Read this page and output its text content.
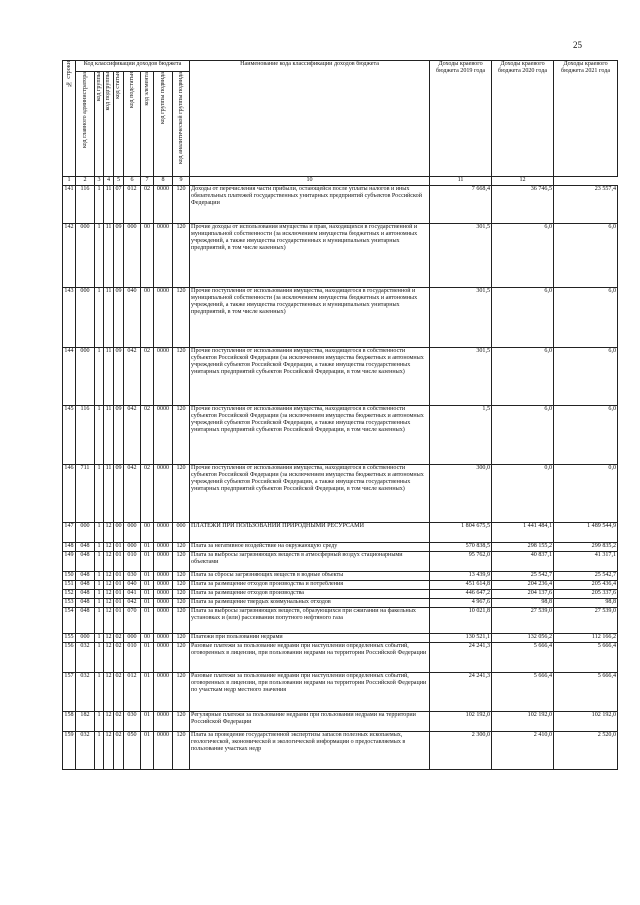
25
№ строки	Код классификации доходов бюджета								Наименование кода классификации доходов бюджета	Доходы краевого бюджета 2019 года	Доходы краевого бюджета 2020 года	Доходы краевого бюджета 2021 года
	код главного администратора	код группы	код подгруппы	код статьи	код подстатьи	код элемента	код группы подвида	код аналитической группы подвида				
1	2	3	4	5	6	7	8	9	10	11	12	
141	116	1	11	07	012	02	0000	120	Доходы от перечисления части прибыли, остающейся после уплаты налогов и иных обязательных платежей государственных унитарных предприятий субъектов Российской Федерации	7 668,4	36 746,5	23 557,4
142	000	1	11	09	000	00	0000	120	Прочие доходы от использования имущества и прав, находящихся в государственной и муниципальной собственности (за исключением имущества бюджетных и автономных учреждений, а также имущества государственных и муниципальных унитарных предприятий, в том числе казенных)	301,5	6,0	6,0
143	000	1	11	09	040	00	0000	120	Прочие поступления от использования имущества, находящегося в государственной и муниципальной собственности (за исключением имущества бюджетных и автономных учреждений, а также имущества государственных и муниципальных унитарных предприятий, в том числе казенных)	301,5	6,0	6,0
144	000	1	11	09	042	02	0000	120	Прочие поступления от использования имущества, находящегося в собственности субъектов Российской Федерации (за исключением имущества бюджетных и автономных учреждений субъектов Российской Федерации, а также имущества государственных унитарных предприятий субъектов Российской Федерации, в том числе казенных)	301,5	6,0	6,0
145	116	1	11	09	042	02	0000	120	Прочие поступления от использования имущества, находящегося в собственности субъектов Российской Федерации (за исключением имущества бюджетных и автономных учреждений субъектов Российской Федерации, а также имущества государственных унитарных предприятий субъектов Российской Федерации, в том числе казенных)	1,5	6,0	6,0
146	711	1	11	09	042	02	0000	120	Прочие поступления от использования имущества, находящегося в собственности субъектов Российской Федерации (за исключением имущества бюджетных и автономных учреждений субъектов Российской Федерации, а также имущества государственных унитарных предприятий субъектов Российской Федерации, в том числе казенных)	300,0	0,0	0,0
147	000	1	12	00	000	00	0000	000	ПЛАТЕЖИ ПРИ ПОЛЬЗОВАНИИ ПРИРОДНЫМИ РЕСУРСАМИ	1 804 675,5	1 441 484,1	1 489 544,9
148	048	1	12	01	000	01	0000	120	Плата за негативное воздействие на окружающую среду	570 838,5	298 155,2	299 835,2
149	048	1	12	01	010	01	0000	120	Плата за выбросы загрязняющих веществ в атмосферный воздух стационарными объектами	95 762,0	40 837,1	41 317,1
150	048	1	12	01	030	01	0000	120	Плата за сбросы загрязняющих веществ в водные объекты	13 439,9	25 542,7	25 542,7
151	048	1	12	01	040	01	0000	120	Плата за размещение отходов производства и потребления	451 614,8	204 236,4	205 436,4
152	048	1	12	01	041	01	0000	120	Плата за размещение отходов производства	446 647,2	204 137,6	205 337,6
153	048	1	12	01	042	01	0000	120	Плата за размещение твердых коммунальных отходов	4 967,6	98,8	98,8
154	048	1	12	01	070	01	0000	120	Плата за выбросы загрязняющих веществ, образующихся при сжигании на факельных установках и (или) рассеивании попутного нефтяного газа	10 021,8	27 539,0	27 539,0
155	000	1	12	02	000	00	0000	120	Платежи при пользовании недрами	130 521,1	132 056,2	112 166,2
156	032	1	12	02	010	01	0000	120	Разовые платежи за пользование недрами при наступлении определенных событий, оговоренных в лицензии, при пользовании недрами на территории Российской Федерации	24 241,3	5 666,4	5 666,4
157	032	1	12	02	012	01	0000	120	Разовые платежи за пользование недрами при наступлении определенных событий, оговоренных в лицензии, при пользовании недрами на территории Российской Федерации по участкам недр местного значения	24 241,3	5 666,4	5 666,4
158	182	1	12	02	030	01	0000	120	Регулярные платежи за пользование недрами при пользовании недрами на территории Российской Федерации	102 192,0	102 192,0	102 192,0
159	032	1	12	02	050	01	0000	120	Плата за проведение государственной экспертизы запасов полезных ископаемых, геологической, экономической и экологической информации о предоставляемых в пользование участках недр	2 300,0	2 410,0	2 520,0
